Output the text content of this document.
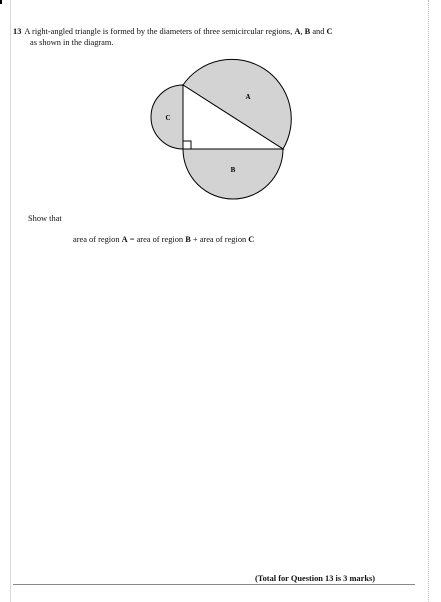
13 A right-angled triangle is formed by the diameters of three semicircular regions, A, B and C
as shown in the diagram.
A
B
C
Show that
area of region A = area of region B + area of region C
(Total for Question 13 is 3 marks)
